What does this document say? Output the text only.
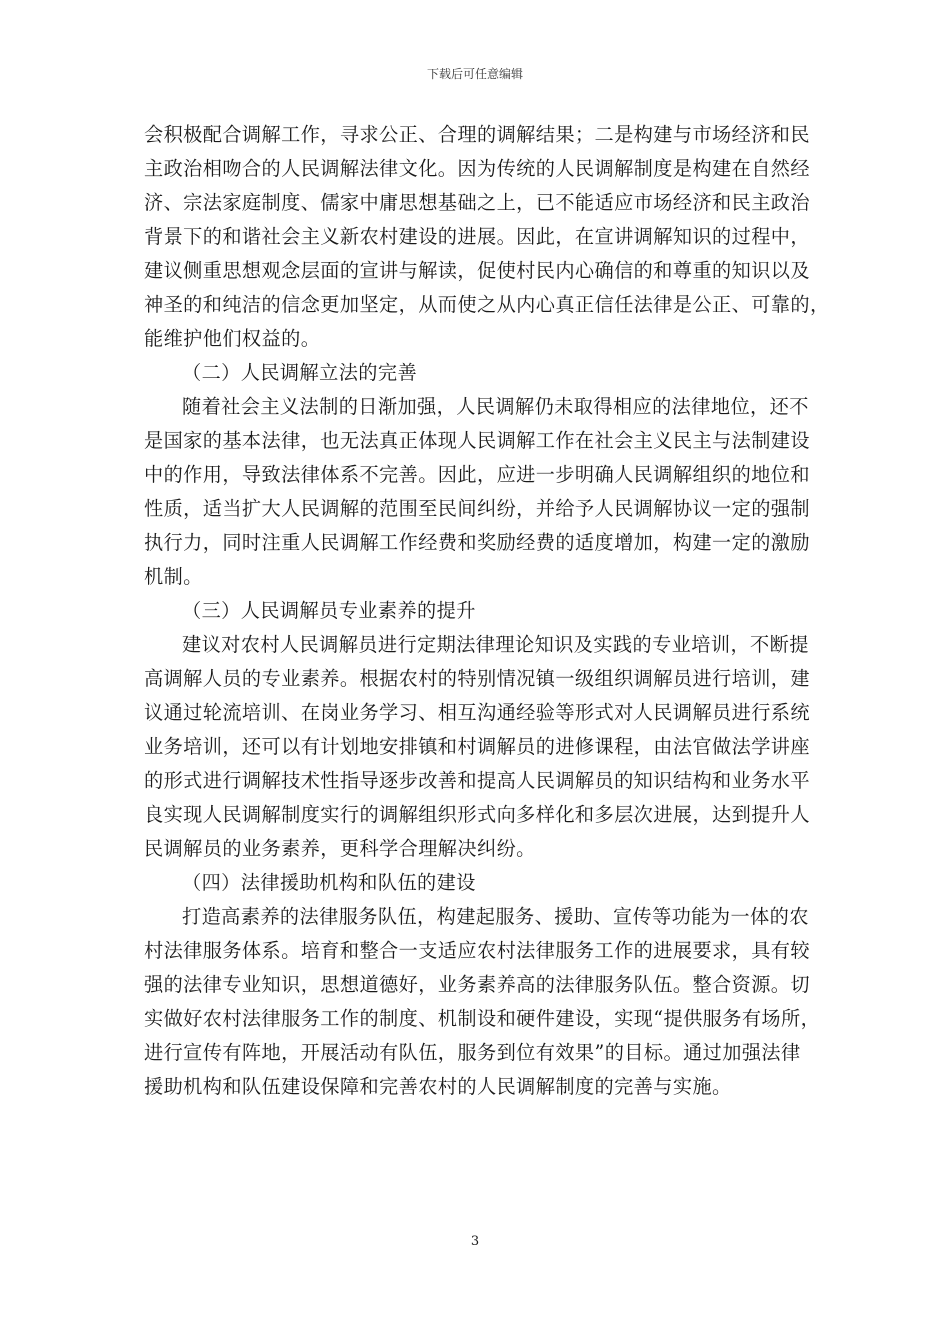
下载后可任意编辑
会积极配合调解工作，寻求公正、合理的调解结果；二是构建与市场经济和民
主政治相吻合的人民调解法律文化。因为传统的人民调解制度是构建在自然经
济、宗法家庭制度、儒家中庸思想基础之上，已不能适应市场经济和民主政治
背景下的和谐社会主义新农村建设的进展。因此，在宣讲调解知识的过程中，
建议侧重思想观念层面的宣讲与解读，促使村民内心确信的和尊重的知识以及
神圣的和纯洁的信念更加坚定，从而使之从内心真正信任法律是公正、可靠的，
能维护他们权益的。
（二）人民调解立法的完善
随着社会主义法制的日渐加强，人民调解仍未取得相应的法律地位，还不
是国家的基本法律，也无法真正体现人民调解工作在社会主义民主与法制建设
中的作用，导致法律体系不完善。因此，应进一步明确人民调解组织的地位和
性质，适当扩大人民调解的范围至民间纠纷，并给予人民调解协议一定的强制
执行力，同时注重人民调解工作经费和奖励经费的适度增加，构建一定的激励
机制。
（三）人民调解员专业素养的提升
建议对农村人民调解员进行定期法律理论知识及实践的专业培训，不断提
高调解人员的专业素养。根据农村的特别情况镇一级组织调解员进行培训，建
议通过轮流培训、在岗业务学习、相互沟通经验等形式对人民调解员进行系统
业务培训，还可以有计划地安排镇和村调解员的进修课程，由法官做法学讲座
的形式进行调解技术性指导逐步改善和提高人民调解员的知识结构和业务水平
良实现人民调解制度实行的调解组织形式向多样化和多层次进展，达到提升人
民调解员的业务素养，更科学合理解决纠纷。
（四）法律援助机构和队伍的建设
打造高素养的法律服务队伍，构建起服务、援助、宣传等功能为一体的农
村法律服务体系。培育和整合一支适应农村法律服务工作的进展要求，具有较
强的法律专业知识，思想道德好，业务素养高的法律服务队伍。整合资源。切
实做好农村法律服务工作的制度、机制设和硬件建设，实现“提供服务有场所，
进行宣传有阵地，开展活动有队伍，服务到位有效果”的目标。通过加强法律
援助机构和队伍建设保障和完善农村的人民调解制度的完善与实施。
3
